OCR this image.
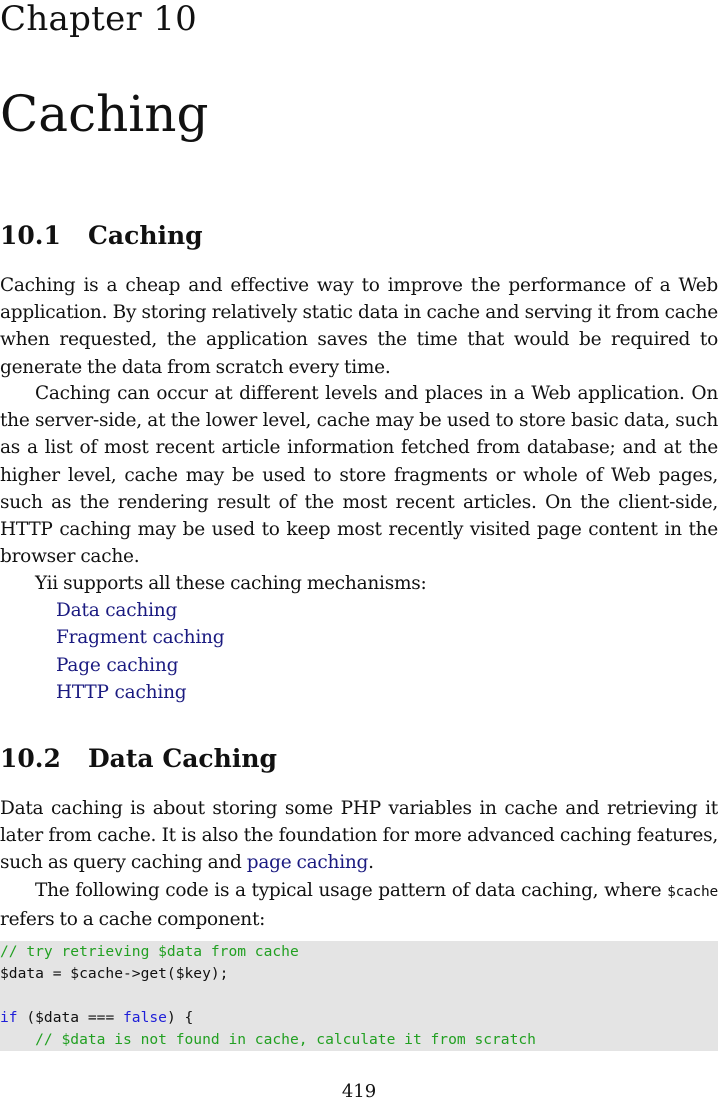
Chapter 10
Caching
10.1 Caching

Caching is a cheap and effective way to improve the performance of a Web application. By storing relatively static data in cache and serving it from cache when requested, the application saves the time that would be required to generate the data from scratch every time.

Caching can occur at different levels and places in a Web application. On the server-side, at the lower level, cache may be used to store basic data, such as a list of most recent article information fetched from database; and at the higher level, cache may be used to store fragments or whole of Web pages, such as the rendering result of the most recent articles. On the client-side, HTTP caching may be used to keep most recently visited page content in the browser cache.

Yii supports all these caching mechanisms:

Data caching
Fragment caching
Page caching
HTTP caching
10.2 Data Caching

Data caching is about storing some PHP variables in cache and retrieving it later from cache. It is also the foundation for more advanced caching features, such as query caching and page caching.

The following code is a typical usage pattern of data caching, where $cache refers to a cache component:

// try retrieving $data from cache
$data = $cache->get($key);
if ($data === false) {
// $data is not found in cache, calculate it from scratch
419
